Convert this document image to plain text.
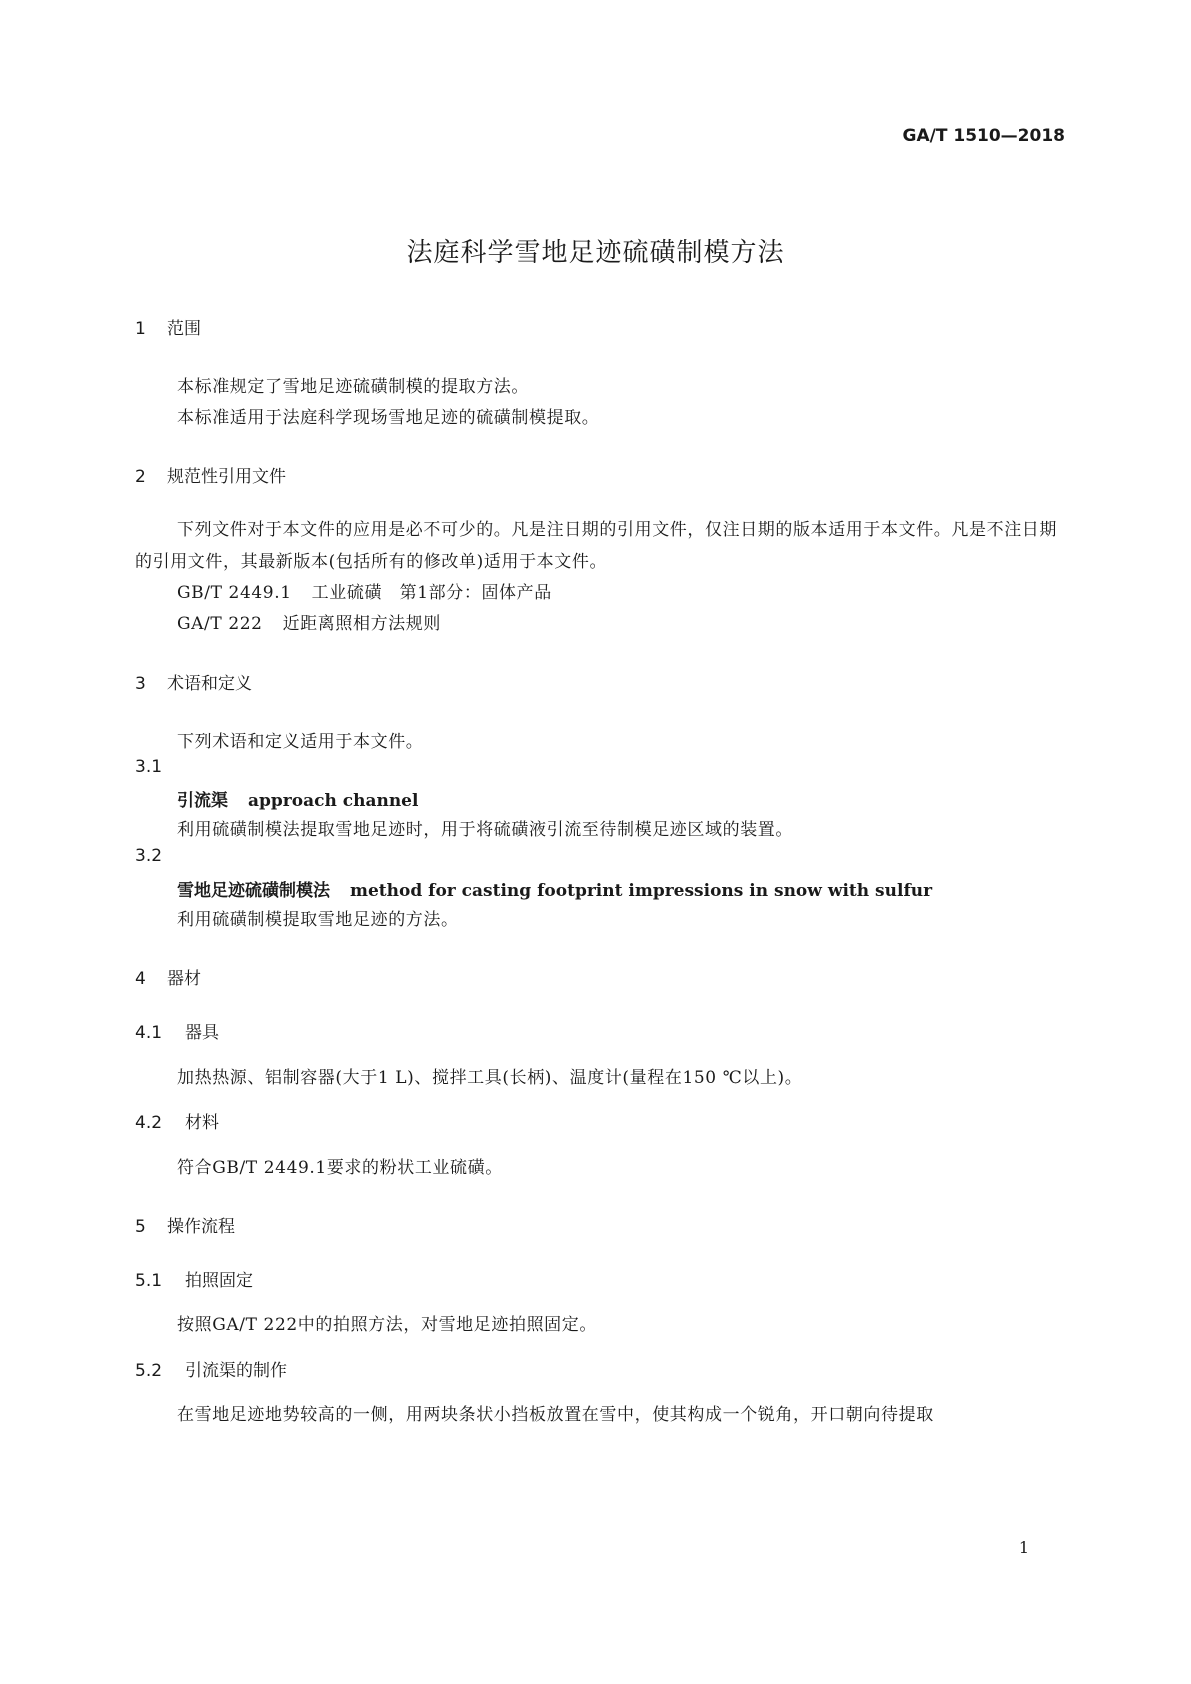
GA/T 1510—2018
法庭科学雪地足迹硫磺制模方法
1 范围
本标准规定了雪地足迹硫磺制模的提取方法。
本标准适用于法庭科学现场雪地足迹的硫磺制模提取。
2 规范性引用文件
下列文件对于本文件的应用是必不可少的。凡是注日期的引用文件，仅注日期的版本适用于本文件。凡是不注日期的引用文件，其最新版本(包括所有的修改单)适用于本文件。
GB/T 2449.1 工业硫磺　第1部分：固体产品
GA/T 222 近距离照相方法规则
3 术语和定义
下列术语和定义适用于本文件。
3.1
引流渠 approach channel
利用硫磺制模法提取雪地足迹时，用于将硫磺液引流至待制模足迹区域的装置。
3.2
雪地足迹硫磺制模法 method for casting footprint impressions in snow with sulfur
利用硫磺制模提取雪地足迹的方法。
4 器材
4.1 器具
加热热源、铝制容器(大于1 L)、搅拌工具(长柄)、温度计(量程在150 ℃以上)。
4.2 材料
符合GB/T 2449.1要求的粉状工业硫磺。
5 操作流程
5.1 拍照固定
按照GA/T 222中的拍照方法，对雪地足迹拍照固定。
5.2 引流渠的制作
在雪地足迹地势较高的一侧，用两块条状小挡板放置在雪中，使其构成一个锐角，开口朝向待提取
1
